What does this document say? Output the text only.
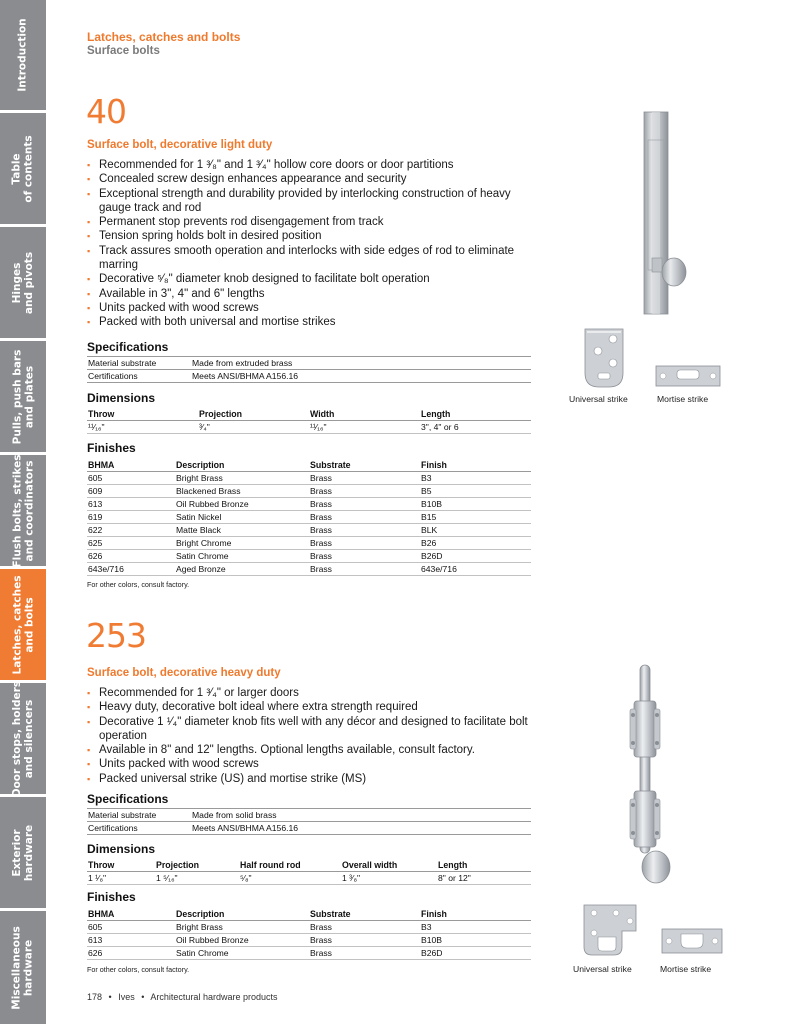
Introduction
Table
of contents
Hinges
and pivots
Pulls, push bars
and plates
Flush bolts, strikes
and coordinators
Latches, catches
and bolts
Door stops, holders
and silencers
Exterior
hardware
Miscellaneous
hardware
Latches, catches and bolts
Surface bolts
40
Surface bolt, decorative light duty
▪ Recommended for 1 ³⁄₈" and 1 ³⁄₄" hollow core doors or door partitions
▪ Concealed screw design enhances appearance and security
▪ Exceptional strength and durability provided by interlocking construction of heavy gauge track and rod
▪ Permanent stop prevents rod disengagement from track
▪ Tension spring holds bolt in desired position
▪ Track assures smooth operation and interlocks with side edges of rod to eliminate marring
▪ Decorative ⁵⁄₈" diameter knob designed to facilitate bolt operation
▪ Available in 3", 4" and 6" lengths
▪ Units packed with wood screws
▪ Packed with both universal and mortise strikes
Specifications
Material substrate	Made from extruded brass
Certifications	Meets ANSI/BHMA A156.16
Dimensions
Throw	Projection	Width	Length
¹¹⁄₁₆"	³⁄₄"	¹¹⁄₁₆"	3", 4" or 6
Finishes
BHMA	Description	Substrate	Finish
605	Bright Brass	Brass	B3
609	Blackened Brass	Brass	B5
613	Oil Rubbed Bronze	Brass	B10B
619	Satin Nickel	Brass	B15
622	Matte Black	Brass	BLK
625	Bright Chrome	Brass	B26
626	Satin Chrome	Brass	B26D
643e/716	Aged Bronze	Brass	643e/716
For other colors, consult factory.
Universal strike	Mortise strike
253
Surface bolt, decorative heavy duty
▪ Recommended for 1 ³⁄₄" or larger doors
▪ Heavy duty, decorative bolt ideal where extra strength required
▪ Decorative 1 ¹⁄₄" diameter knob fits well with any décor and designed to facilitate bolt operation
▪ Available in 8" and 12" lengths. Optional lengths available, consult factory.
▪ Units packed with wood screws
▪ Packed universal strike (US) and mortise strike (MS)
Specifications
Material substrate	Made from solid brass
Certifications	Meets ANSI/BHMA A156.16
Dimensions
Throw	Projection	Half round rod	Overall width	Length
1 ¹⁄₈"	1 ⁵⁄₁₆"	⁵⁄₈"	1 ³⁄₈"	8" or 12"
Finishes
BHMA	Description	Substrate	Finish
605	Bright Brass	Brass	B3
613	Oil Rubbed Bronze	Brass	B10B
626	Satin Chrome	Brass	B26D
For other colors, consult factory.	Universal strike	Mortise strike
178 • Ives • Architectural hardware products
